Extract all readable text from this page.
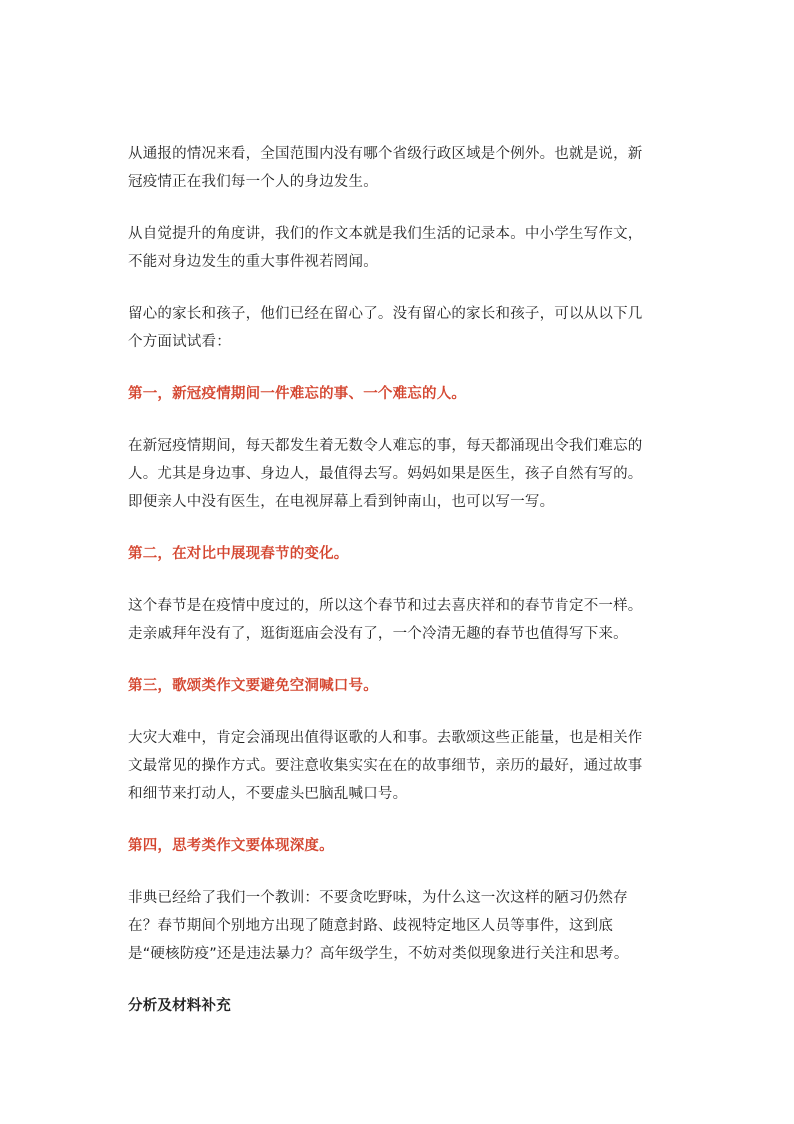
从通报的情况来看，全国范围内没有哪个省级行政区域是个例外。也就是说，新
冠疫情正在我们每一个人的身边发生。
从自觉提升的角度讲，我们的作文本就是我们生活的记录本。中小学生写作文，
不能对身边发生的重大事件视若罔闻。
留心的家长和孩子，他们已经在留心了。没有留心的家长和孩子，可以从以下几
个方面试试看：
第一，新冠疫情期间一件难忘的事、一个难忘的人。
在新冠疫情期间，每天都发生着无数令人难忘的事，每天都涌现出令我们难忘的
人。尤其是身边事、身边人，最值得去写。妈妈如果是医生，孩子自然有写的。
即便亲人中没有医生，在电视屏幕上看到钟南山，也可以写一写。
第二，在对比中展现春节的变化。
这个春节是在疫情中度过的，所以这个春节和过去喜庆祥和的春节肯定不一样。
走亲戚拜年没有了，逛街逛庙会没有了，一个冷清无趣的春节也值得写下来。
第三，歌颂类作文要避免空洞喊口号。
大灾大难中，肯定会涌现出值得讴歌的人和事。去歌颂这些正能量，也是相关作
文最常见的操作方式。要注意收集实实在在的故事细节，亲历的最好，通过故事
和细节来打动人，不要虚头巴脑乱喊口号。
第四，思考类作文要体现深度。
非典已经给了我们一个教训：不要贪吃野味，为什么这一次这样的陋习仍然存
在？春节期间个别地方出现了随意封路、歧视特定地区人员等事件，这到底
是“硬核防疫”还是违法暴力？高年级学生，不妨对类似现象进行关注和思考。
分析及材料补充
